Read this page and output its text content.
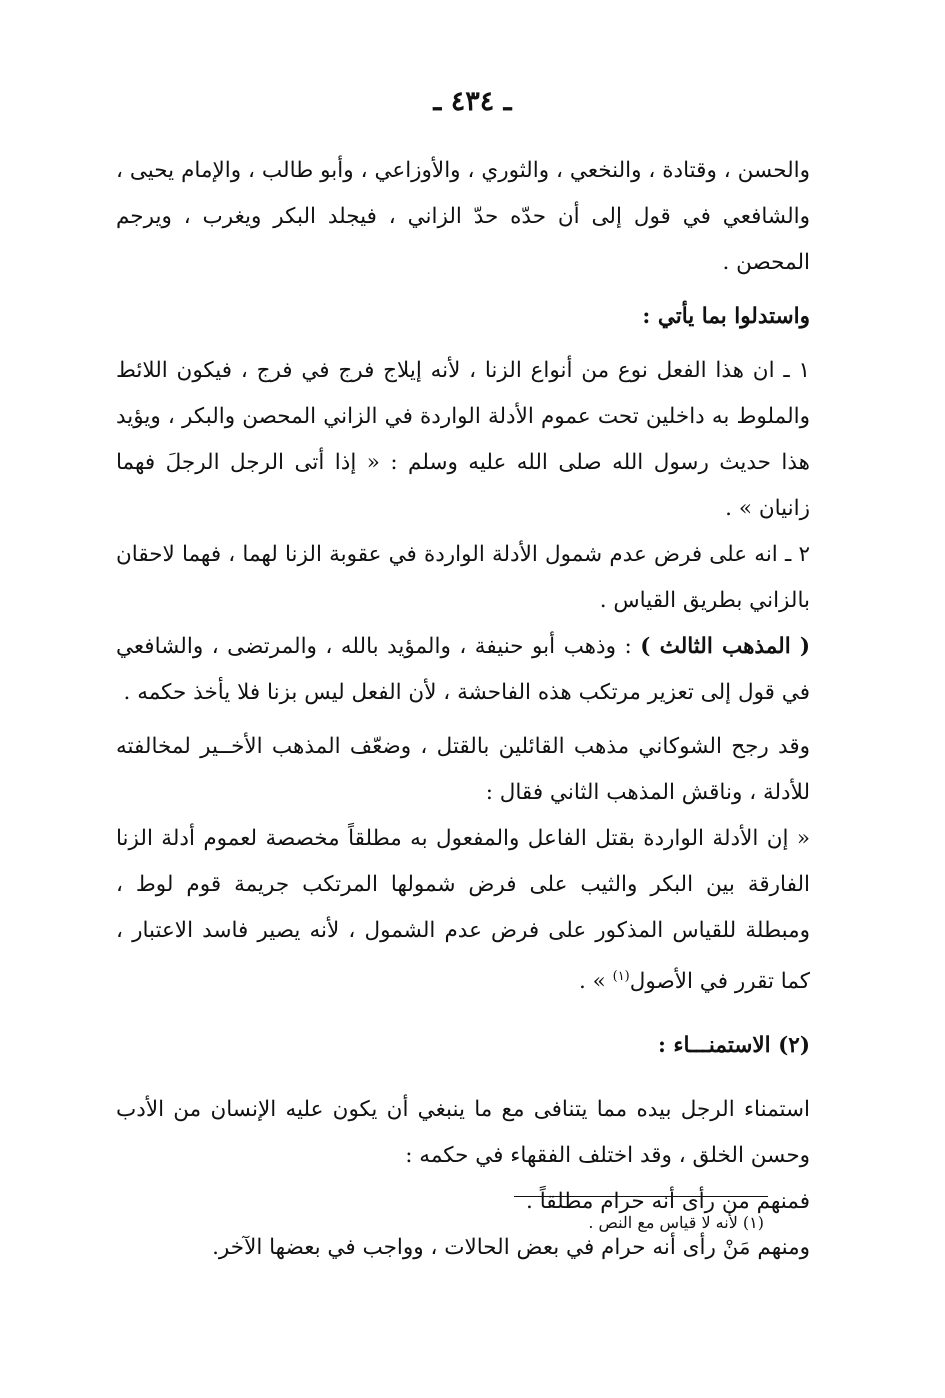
ـ ٤٣٤ ـ

والحسن ، وقتادة ، والنخعي ، والثوري ، والأوزاعي ، وأبو طالب ، والإمام يحيى ، والشافعي في قول إلى أن حدّه حدّ الزاني ، فيجلد البكر ويغرب ، ويرجم المحصن .

واستدلوا بما يأتي :

١ ـ ان هذا الفعل نوع من أنواع الزنا ، لأنه إيلاج فرج في فرج ، فيكون اللائط والملوط به داخلين تحت عموم الأدلة الواردة في الزاني المحصن والبكر ، ويؤيد هذا حديث رسول الله صلى الله عليه وسلم : « إذا أتى الرجل الرجلَ فهما زانيان » .

٢ ـ انه على فرض عدم شمول الأدلة الواردة في عقوبة الزنا لهما ، فهما لاحقان بالزاني بطريق القياس .

( المذهب الثالث ) : وذهب أبو حنيفة ، والمؤيد بالله ، والمرتضى ، والشافعي في قول إلى تعزير مرتكب هذه الفاحشة ، لأن الفعل ليس بزنا فلا يأخذ حكمه .

وقد رجح الشوكاني مذهب القائلين بالقتل ، وضعّف المذهب الأخــير لمخالفته للأدلة ، وناقش المذهب الثاني فقال :

« إن الأدلة الواردة بقتل الفاعل والمفعول به مطلقاً مخصصة لعموم أدلة الزنا الفارقة بين البكر والثيب على فرض شمولها المرتكب جريمة قوم لوط ، ومبطلة للقياس المذكور على فرض عدم الشمول ، لأنه يصير فاسد الاعتبار ، كما تقرر في الأصول$^{(١)}$ » .

(٢) الاستمنـــاء :

استمناء الرجل بيده مما يتنافى مع ما ينبغي أن يكون عليه الإنسان من الأدب وحسن الخلق ، وقد اختلف الفقهاء في حكمه :

فمنهم من رأى أنه حرام مطلقاً .

ومنهم مَنْ رأى أنه حرام في بعض الحالات ، وواجب في بعضها الآخر.

(١) لأنه لا قياس مع النص .
